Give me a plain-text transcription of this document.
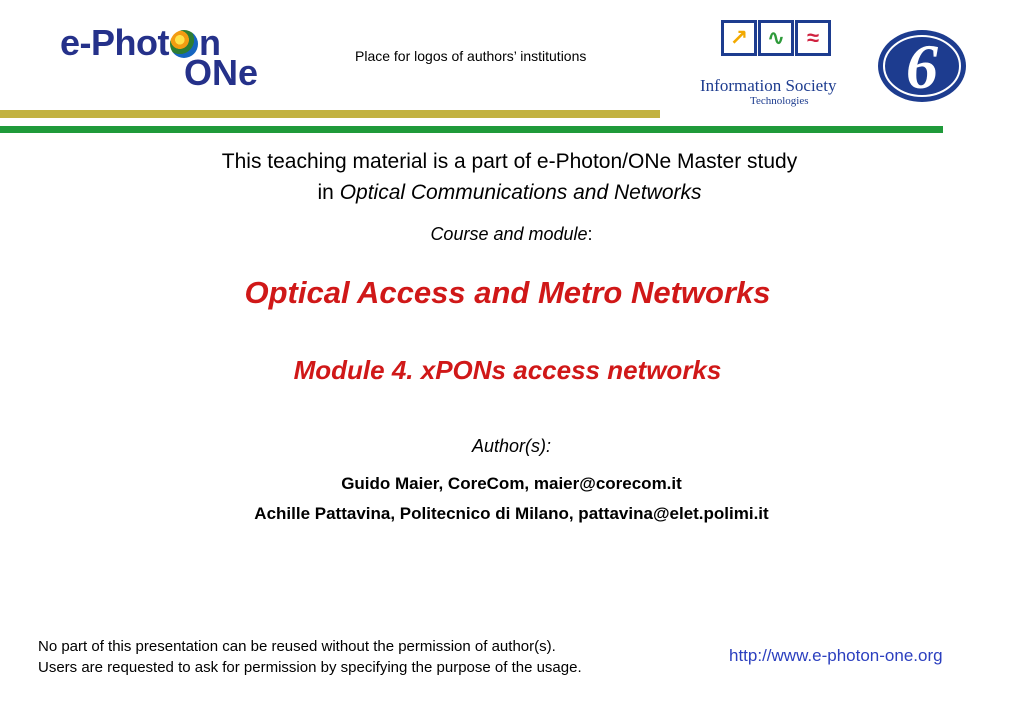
e-Phot n
ONe	Place for logos of authors’ institutions
↗ ∿ ≈
Information Society
Technologies 6
This teaching material is a part of e-Photon/ONe Master study
in Optical Communications and Networks
Course and module:
Optical Access and Metro Networks
Module 4. xPONs access networks
Author(s):
Guido Maier, CoreCom, maier@corecom.it
Achille Pattavina, Politecnico di Milano, pattavina@elet.polimi.it
No part of this presentation can be reused without the permission of author(s).
Users are requested to ask for permission by specifying the purpose of the usage.
http://www.e-photon-one.org
